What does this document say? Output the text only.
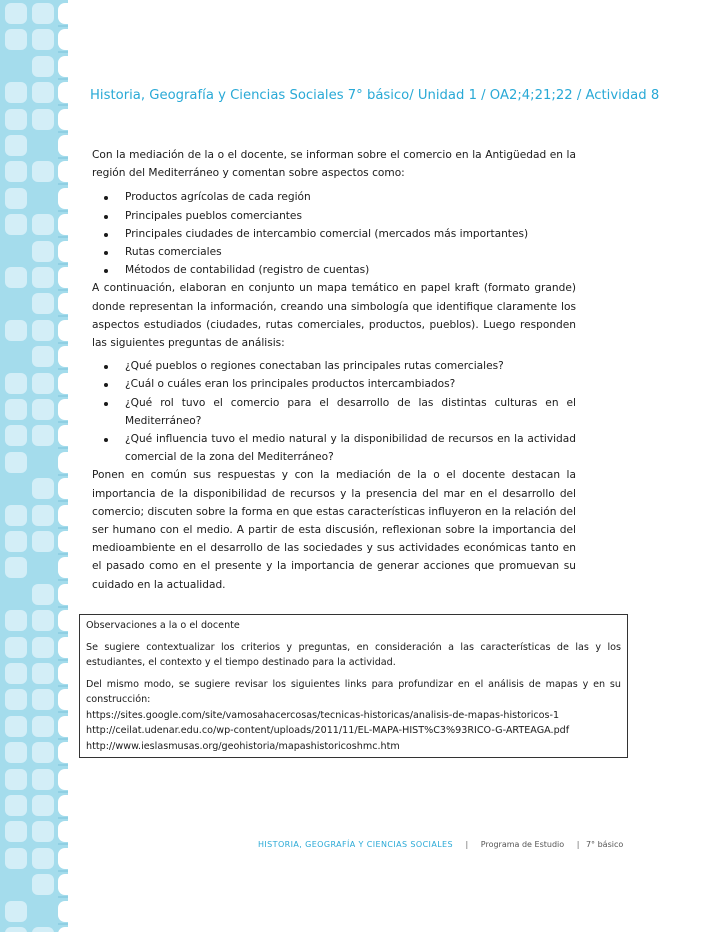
Historia, Geografía y Ciencias Sociales 7° básico/ Unidad 1 / OA2;4;21;22 / Actividad 8

Con la mediación de la o el docente, se informan sobre el comercio en la Antigüedad en la región del Mediterráneo y comentan sobre aspectos como:

Productos agrícolas de cada región
Principales pueblos comerciantes
Principales ciudades de intercambio comercial (mercados más importantes)
Rutas comerciales
Métodos de contabilidad (registro de cuentas)

A continuación, elaboran en conjunto un mapa temático en papel kraft (formato grande) donde representan la información, creando una simbología que identifique claramente los aspectos estudiados (ciudades, rutas comerciales, productos, pueblos). Luego responden las siguientes preguntas de análisis:

¿Qué pueblos o regiones conectaban las principales rutas comerciales?
¿Cuál o cuáles eran los principales productos intercambiados?
¿Qué rol tuvo el comercio para el desarrollo de las distintas culturas en el Mediterráneo?
¿Qué influencia tuvo el medio natural y la disponibilidad de recursos en la actividad comercial de la zona del Mediterráneo?

Ponen en común sus respuestas y con la mediación de la o el docente destacan la importancia de la disponibilidad de recursos y la presencia del mar en el desarrollo del comercio; discuten sobre la forma en que estas características influyeron en la relación del ser humano con el medio. A partir de esta discusión, reflexionan sobre la importancia del medioambiente en el desarrollo de las sociedades y sus actividades económicas tanto en el pasado como en el presente y la importancia de generar acciones que promuevan su cuidado en la actualidad.

Observaciones a la o el docente

Se sugiere contextualizar los criterios y preguntas, en consideración a las características de las y los estudiantes, el contexto y el tiempo destinado para la actividad.

Del mismo modo, se sugiere revisar los siguientes links para profundizar en el análisis de mapas y en su construcción:

https://sites.google.com/site/vamosahacercosas/tecnicas-historicas/analisis-de-mapas-historicos-1
http://ceilat.udenar.edu.co/wp-content/uploads/2011/11/EL-MAPA-HIST%C3%93RICO-G-ARTEAGA.pdf
http://www.ieslasmusas.org/geohistoria/mapashistoricoshmc.htm
HISTORIA, GEOGRAFÍA Y CIENCIAS SOCIALES | Programa de Estudio | 7° básico
